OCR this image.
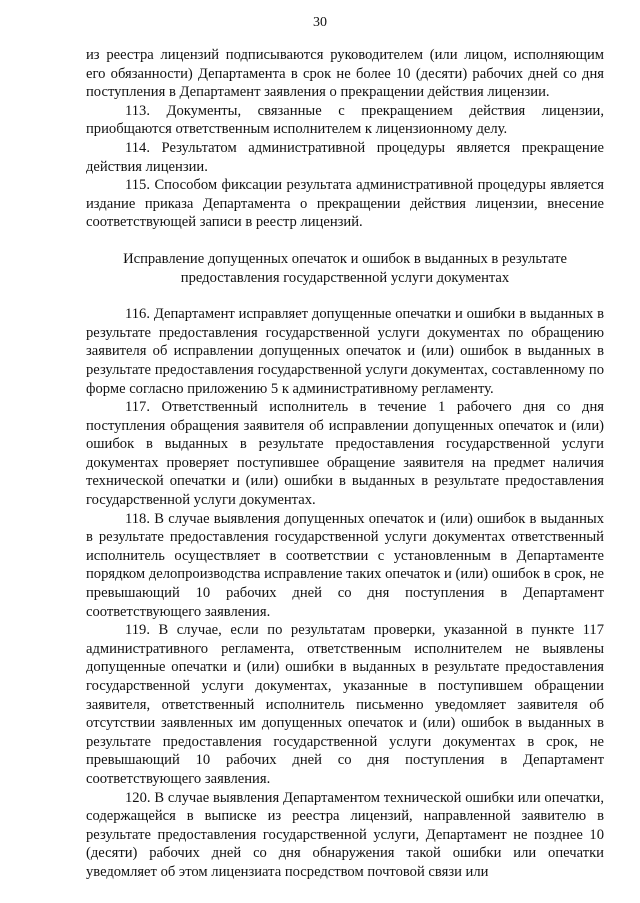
30

из реестра лицензий подписываются руководителем (или лицом, исполняющим его обязанности) Департамента в срок не более 10 (десяти) рабочих дней со дня поступления в Департамент заявления о прекращении действия лицензии.

113. Документы, связанные с прекращением действия лицензии, приобщаются ответственным исполнителем к лицензионному делу.

114. Результатом административной процедуры является прекращение действия лицензии.

115. Способом фиксации результата административной процедуры является издание приказа Департамента о прекращении действия лицензии, внесение соответствующей записи в реестр лицензий.

Исправление допущенных опечаток и ошибок в выданных в результате предоставления государственной услуги документах

116. Департамент исправляет допущенные опечатки и ошибки в выданных в результате предоставления государственной услуги документах по обращению заявителя об исправлении допущенных опечаток и (или) ошибок в выданных в результате предоставления государственной услуги документах, составленному по форме согласно приложению 5 к административному регламенту.

117. Ответственный исполнитель в течение 1 рабочего дня со дня поступления обращения заявителя об исправлении допущенных опечаток и (или) ошибок в выданных в результате предоставления государственной услуги документах проверяет поступившее обращение заявителя на предмет наличия технической опечатки и (или) ошибки в выданных в результате предоставления государственной услуги документах.

118. В случае выявления допущенных опечаток и (или) ошибок в выданных в результате предоставления государственной услуги документах ответственный исполнитель осуществляет в соответствии с установленным в Департаменте порядком делопроизводства исправление таких опечаток и (или) ошибок в срок, не превышающий 10 рабочих дней со дня поступления в Департамент соответствующего заявления.

119. В случае, если по результатам проверки, указанной в пункте 117 административного регламента, ответственным исполнителем не выявлены допущенные опечатки и (или) ошибки в выданных в результате предоставления государственной услуги документах, указанные в поступившем обращении заявителя, ответственный исполнитель письменно уведомляет заявителя об отсутствии заявленных им допущенных опечаток и (или) ошибок в выданных в результате предоставления государственной услуги документах в срок, не превышающий 10 рабочих дней со дня поступления в Департамент соответствующего заявления.

120. В случае выявления Департаментом технической ошибки или опечатки, содержащейся в выписке из реестра лицензий, направленной заявителю в результате предоставления государственной услуги, Департамент не позднее 10 (десяти) рабочих дней со дня обнаружения такой ошибки или опечатки уведомляет об этом лицензиата посредством почтовой связи или
